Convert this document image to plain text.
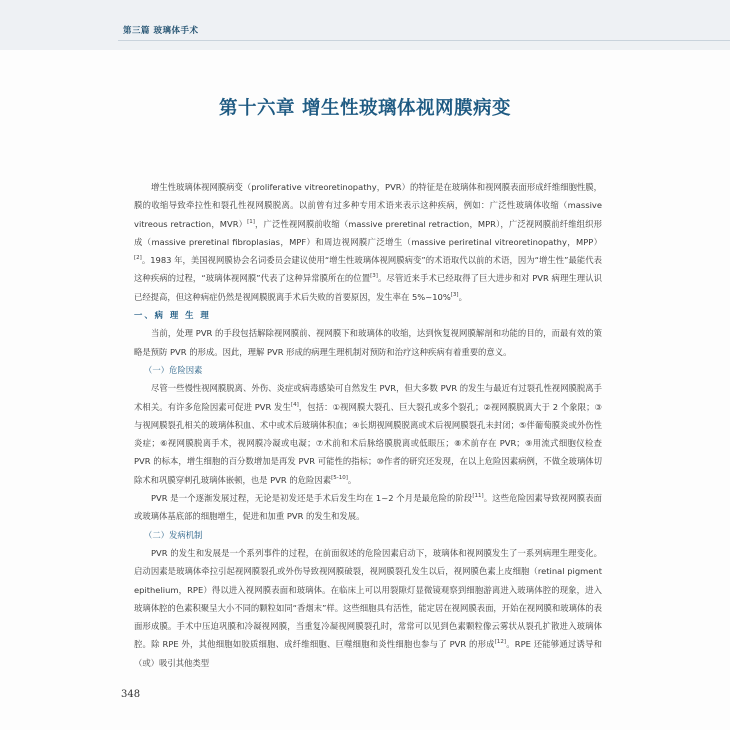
第三篇 玻璃体手术
第十六章 增生性玻璃体视网膜病变

增生性玻璃体视网膜病变（proliferative vitreoretinopathy，PVR）的特征是在玻璃体和视网膜表面形成纤维细胞性膜，膜的收缩导致牵拉性和裂孔性视网膜脱离。以前曾有过多种专用术语来表示这种疾病，例如：广泛性玻璃体收缩（massive vitreous retraction，MVR）[1]，广泛性视网膜前收缩（massive preretinal retraction，MPR），广泛视网膜前纤维组织形成（massive preretinal fibroplasias，MPF）和周边视网膜广泛增生（massive periretinal vitreoretinopathy，MPP）[2]。1983 年，美国视网膜协会名词委员会建议使用“增生性玻璃体视网膜病变”的术语取代以前的术语，因为“增生性”最能代表这种疾病的过程，“玻璃体视网膜”代表了这种异常膜所在的位置[3]。尽管近来手术已经取得了巨大进步和对 PVR 病理生理认识已经提高，但这种病症仍然是视网膜脱离手术后失败的首要原因，发生率在 5%~10%[3]。

一、病 理 生 理

当前，处理 PVR 的手段包括解除视网膜前、视网膜下和玻璃体的收缩，达到恢复视网膜解剖和功能的目的，而最有效的策略是预防 PVR 的形成。因此，理解 PVR 形成的病理生理机制对预防和治疗这种疾病有着重要的意义。

（一）危险因素

尽管一些慢性视网膜脱离、外伤、炎症或病毒感染可自然发生 PVR，但大多数 PVR 的发生与最近有过裂孔性视网膜脱离手术相关。有许多危险因素可促进 PVR 发生[4]，包括：①视网膜大裂孔、巨大裂孔或多个裂孔；②视网膜脱离大于 2 个象限；③与视网膜裂孔相关的玻璃体积血、术中或术后玻璃体积血；④长期视网膜脱离或术后视网膜裂孔未封闭；⑤伴葡萄膜炎或外伤性炎症；⑥视网膜脱离手术，视网膜冷凝或电凝；⑦术前和术后脉络膜脱离或低眼压；⑧术前存在 PVR；⑨用流式细胞仪检查 PVR 的标本，增生细胞的百分数增加是再发 PVR 可能性的指标；⑩作者的研究还发现，在以上危险因素病例，不做全玻璃体切除术和巩膜穿刺孔玻璃体嵌顿，也是 PVR 的危险因素[5-10]。

PVR 是一个逐渐发展过程，无论是初发还是手术后发生均在 1~2 个月是最危险的阶段[11]。这些危险因素导致视网膜表面或玻璃体基底部的细胞增生，促进和加重 PVR 的发生和发展。

（二）发病机制

PVR 的发生和发展是一个系列事件的过程，在前面叙述的危险因素启动下，玻璃体和视网膜发生了一系列病理生理变化。启动因素是玻璃体牵拉引起视网膜裂孔或外伤导致视网膜破裂，视网膜裂孔发生以后，视网膜色素上皮细胞（retinal pigment epithelium，RPE）得以进入视网膜表面和玻璃体。在临床上可以用裂隙灯显微镜观察到细胞游离进入玻璃体腔的现象，进入玻璃体腔的色素积聚呈大小不同的颗粒如同“香烟末”样。这些细胞具有活性，能定居在视网膜表面，开始在视网膜和玻璃体的表面形成膜。手术中压迫巩膜和冷凝视网膜，当重复冷凝视网膜裂孔时，常常可以见到色素颗粒像云雾状从裂孔扩散进入玻璃体腔。除 RPE 外，其他细胞如胶质细胞、成纤维细胞、巨噬细胞和炎性细胞也参与了 PVR 的形成[12]。RPE 还能够通过诱导和（或）吸引其他类型

348
